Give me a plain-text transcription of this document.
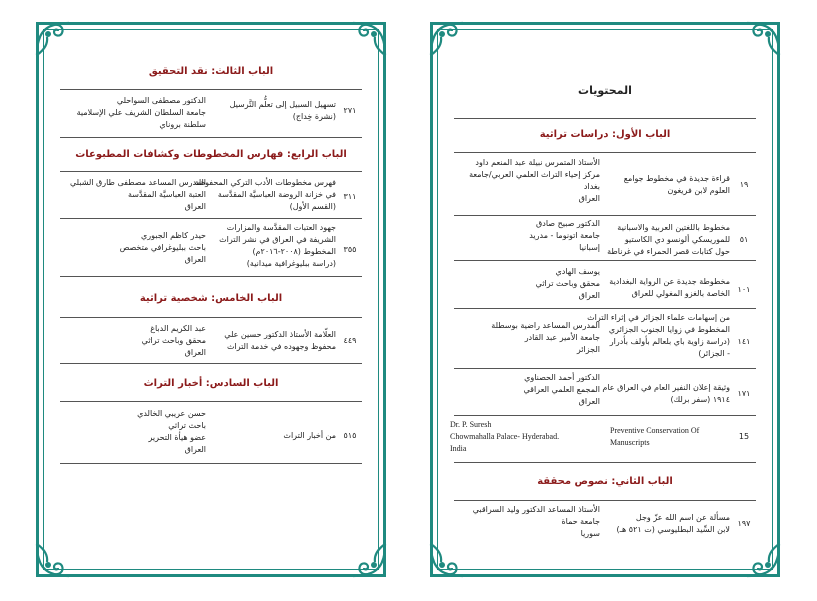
الباب الثالث: نقد التحقيق
٢٧١
تسهيل السبيل إلى تعلُّم التَّرسيل
(نشرة خِداج)
الدكتور مصطفى السواحلي
جامعة السلطان الشريف علي الإسلامية
سلطنة بروناي
الباب الرابع: فهارس المخطوطات وكشافات المطبوعات
٣١١
فهرس مخطوطات الأدب التركي المحفوظة
في خزانة الروضة العباسيَّة المقدَّسة
(القسم الأول)
المدرس المساعد مصطفى طارق الشبلي
العتبة العباسيَّة المقدَّسة
العراق
٣٥٥
جهود العتبات المقدَّسة والمزارات
الشريفة في العراق في نشر التراث
المخطوط (٢٠٠٨-٢٠١٦م)
(دراسة ببليوغرافية ميدانية)
حيدر كاظم الجبوري
باحث ببليوغرافي متخصص
العراق
الباب الخامس: شخصية تراثية
٤٤٩
العلّامة الأستاذ الدكتور حسين علي
محفوظ وجهوده في خدمة التراث
عبد الكريم الدباغ
محقق وباحث تراثي
العراق
الباب السادس: أخبار التراث
٥١٥
من أخبار التراث
حسن عريبي الخالدي
باحث تراثي
عضو هيأة التحرير
العراق
المحتويات
الباب الأول: دراسات تراثية
١٩
قراءة جديدة في مخطوط جوامع
العلوم لابن فريغون
الأستاذ المتمرس نبيلة عبد المنعم داود
مركز إحياء التراث العلمي العربي/جامعة
بغداد
العراق
٥١
مخطوط باللغتين العربية والاسبانية
للموريسكي ألونسو دي الكاستيو
حول كتابات قصر الحمراء في غرناطة
الدكتور صبيح صادق
جامعة اتونوما - مدريد
إسبانيا
١٠١
مخطوطة جديدة عن الرواية البغدادية
الخاصة بالغزو المغولي للعراق
يوسف الهادي
محقق وباحث تراثي
العراق
١٤١
من إسهامات علماء الجزائر في إثراء التراث
المخطوط في زوايا الجنوب الجزائري
(دراسة زاوية باي بلعالم بأولف بأدرار
- الجزائر)
المدرس المساعد راضية بوسطلة
جامعة الأمير عبد القادر
الجزائر
١٧١
وثيقة إعلان النفير العام في العراق عام
١٩١٤ (سفر برلك)
الدكتور أحمد الحصناوي
المجمع العلمي العراقي
العراق
15
Preventive Conservation Of
Manuscripts
Dr. P. Suresh
Chowmahalla Palace- Hyderabad.
India
الباب الثاني: نصوص محققة
١٩٧
مسألة عن اسم الله عزّ وجل
لابن السِّيد البطليوسي (ت ٥٢١ هـ)
الأستاذ المساعد الدكتور وليد السراقبي
جامعة حماة
سوريا
